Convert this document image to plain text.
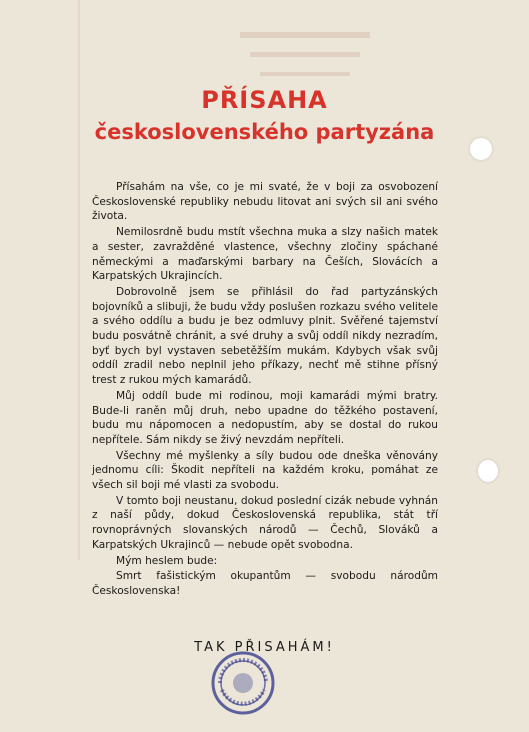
PŘÍSAHA
československého partyzána

Přísahám na vše, co je mi svaté, že v boji za osvobození Československé republiky nebudu litovat ani svých sil ani svého života.

Nemilosrdně budu mstít všechna muka a slzy našich matek a sester, zavražděné vlastence, všechny zločiny spáchané německými a maďarskými barbary na Češích, Slovácích a Karpatských Ukrajincích.

Dobrovolně jsem se přihlásil do řad partyzánských bojovníků a slibuji, že budu vždy poslušen rozkazu svého velitele a svého oddílu a budu je bez odmluvy plnit. Svěřené tajemství budu posvátně chránit, a své druhy a svůj oddíl nikdy nezradím, byť bych byl vystaven sebetěžším mukám. Kdybych však svůj oddíl zradil nebo neplnil jeho příkazy, nechť mě stihne přísný trest z rukou mých kamarádů.

Můj oddíl bude mi rodinou, moji kamarádi mými bratry. Bude-li raněn můj druh, nebo upadne do těžkého postavení, budu mu nápomocen a nedopustím, aby se dostal do rukou nepřítele. Sám nikdy se živý nevzdám nepříteli.

Všechny mé myšlenky a síly budou ode dneška věnovány jednomu cíli: Škodit nepříteli na každém kroku, pomáhat ze všech sil boji mé vlasti za svobodu.

V tomto boji neustanu, dokud poslední cizák nebude vyhnán z naší půdy, dokud Československá republika, stát tří rovnoprávných slovanských národů — Čechů, Slováků a Karpatských Ukrajinců — nebude opět svobodna.

Mým heslem bude:

Smrt fašistickým okupantům — svobodu národům Československa!

TAK PŘISAHÁM!
